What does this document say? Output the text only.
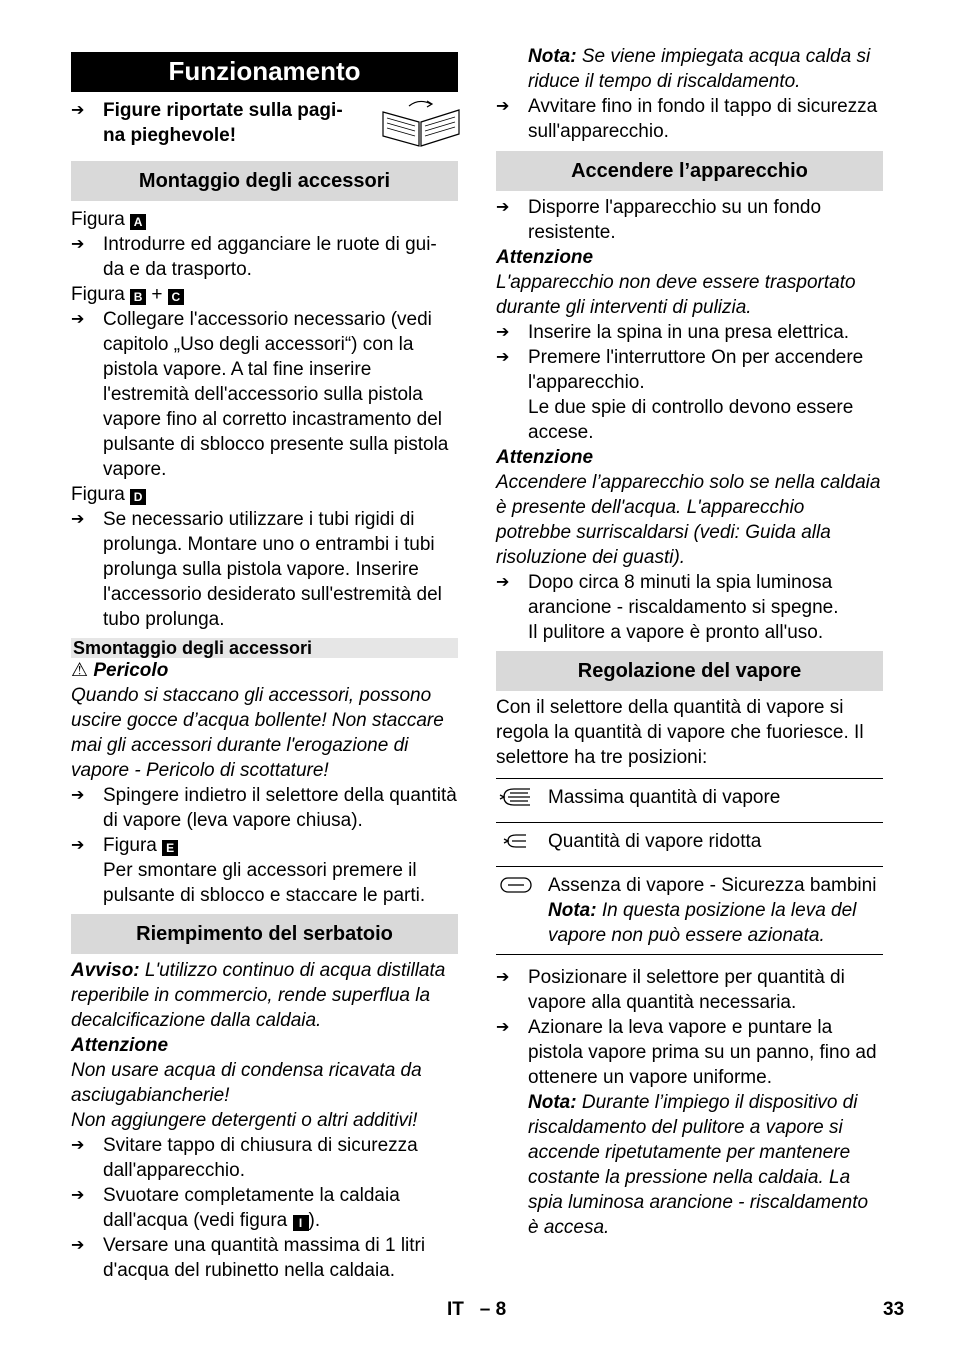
Funzionamento
➔ Figure riportate sulla pagi-
na pieghevole!
Montaggio degli accessori

Figura A

➔ Introdurre ed agganciare le ruote di gui-
da e da trasporto.

Figura B + C

➔ Collegare l'accessorio necessario (vedi capitolo „Uso degli accessori“) con la pistola vapore. A tal fine inserire l'estremità dell'accessorio sulla pistola vapore fino al corretto incastramento del pulsante di sblocco presente sulla pistola vapore.

Figura D

➔ Se necessario utilizzare i tubi rigidi di prolunga. Montare uno o entrambi i tubi prolunga sulla pistola vapore. Inserire l'accessorio desiderato sull'estremità del tubo prolunga.
Smontaggio degli accessori

⚠ Pericolo

Quando si staccano gli accessori, possono uscire gocce d’acqua bollente! Non staccare mai gli accessori durante l'erogazione di vapore - Pericolo di scottature!

➔ Spingere indietro il selettore della quantità di vapore (leva vapore chiusa).
➔ Figura E
Per smontare gli accessori premere il pulsante di sblocco e staccare le parti.
Riempimento del serbatoio

Avviso: L'utilizzo continuo di acqua distillata reperibile in commercio, rende superflua la decalcificazione dalla caldaia.

Attenzione

Non usare acqua di condensa ricavata da asciugabiancherie!

Non aggiungere detergenti o altri additivi!

➔ Svitare tappo di chiusura di sicurezza dall'apparecchio.
➔ Svuotare completamente la caldaia dall'acqua (vedi figura I ).
➔ Versare una quantità massima di 1 litri d'acqua del rubinetto nella caldaia.

Nota: Se viene impiegata acqua calda si riduce il tempo di riscaldamento.

➔ Avvitare fino in fondo il tappo di sicurezza sull'apparecchio.
Accendere l’apparecchio
➔ Disporre l'apparecchio su un fondo resistente.

Attenzione

L'apparecchio non deve essere trasportato durante gli interventi di pulizia.

➔ Inserire la spina in una presa elettrica.
➔ Premere l'interruttore On per accendere l'apparecchio.
Le due spie di controllo devono essere accese.

Attenzione

Accendere l’apparecchio solo se nella caldaia è presente dell'acqua. L'apparecchio potrebbe surriscaldarsi (vedi: Guida alla risoluzione dei guasti).

➔ Dopo circa 8 minuti la spia luminosa arancione - riscaldamento si spegne.
Il pulitore a vapore è pronto all'uso.
Regolazione del vapore

Con il selettore della quantità di vapore si regola la quantità di vapore che fuoriesce. Il selettore ha tre posizioni:

	Massima quantità di vapore
	Quantità di vapore ridotta

Assenza di vapore - Sicurezza bambini
Nota: In questa posizione la leva del vapore non può essere azionata.
➔ Posizionare il selettore per quantità di vapore alla quantità necessaria.
➔ Azionare la leva vapore e puntare la pistola vapore prima su un panno, fino ad ottenere un vapore uniforme.
Nota: Durante l’impiego il dispositivo di riscaldamento del pulitore a vapore si accende ripetutamente per mantenere costante la pressione nella caldaia. La spia luminosa arancione - riscaldamento è accesa.
IT – 8	33
